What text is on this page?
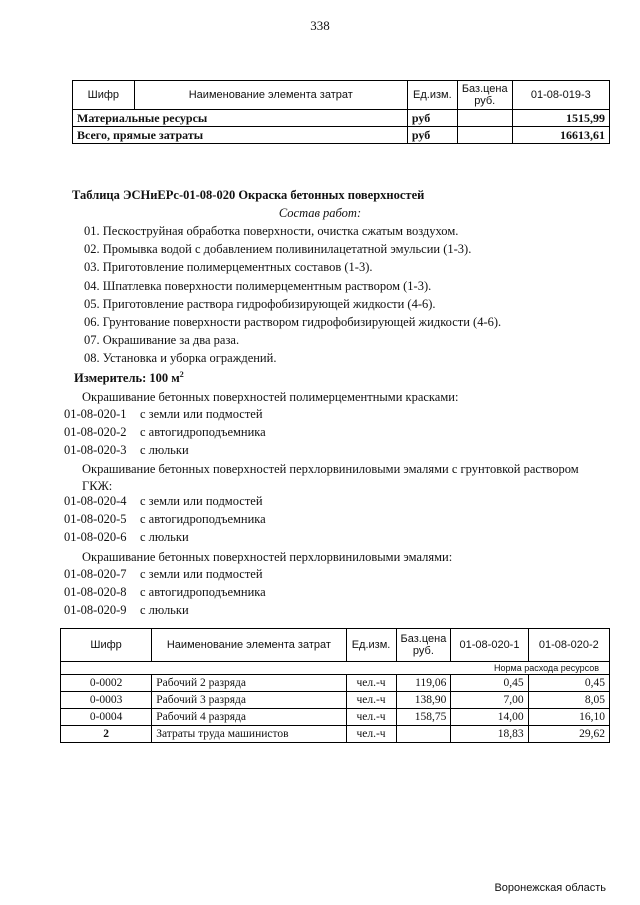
338
Шифр	Наименование элемента затрат	Ед.изм.	Баз.цена руб.	01-08-019-3
Материальные ресурсы		руб		1515,99
Всего, прямые затраты		руб		16613,61
Таблица ЭСНиЕРс-01-08-020 Окраска бетонных поверхностей
Состав работ:
01. Пескоструйная обработка поверхности, очистка сжатым воздухом.
02. Промывка водой с добавлением поливинилацетатной эмульсии (1-3).
03. Приготовление полимерцементных составов (1-3).
04. Шпатлевка поверхности полимерцементным раствором (1-3).
05. Приготовление раствора гидрофобизирующей жидкости (4-6).
06. Грунтование поверхности раствором гидрофобизирующей жидкости (4-6).
07. Окрашивание за два раза.
08. Установка и уборка ограждений.
Измеритель: 100 $м^2$
Окрашивание бетонных поверхностей полимерцементными красками:
01-08-020-1 с земли или подмостей
01-08-020-2 с автогидроподъемника
01-08-020-3 с люльки
Окрашивание бетонных поверхностей перхлорвиниловыми эмалями с грунтовкой раствором ГКЖ:
01-08-020-4 с земли или подмостей
01-08-020-5 с автогидроподъемника
01-08-020-6 с люльки
Окрашивание бетонных поверхностей перхлорвиниловыми эмалями:
01-08-020-7 с земли или подмостей
01-08-020-8 с автогидроподъемника
01-08-020-9 с люльки
Шифр	Наименование элемента затрат	Ед.изм.	Баз.цена руб.	01-08-020-1	01-08-020-2
Норма расхода ресурсов					
0-0002	Рабочий 2 разряда	чел.-ч	119,06	0,45	0,45
0-0003	Рабочий 3 разряда	чел.-ч	138,90	7,00	8,05
0-0004	Рабочий 4 разряда	чел.-ч	158,75	14,00	16,10
2	Затраты труда машинистов	чел.-ч		18,83	29,62
Воронежская область
